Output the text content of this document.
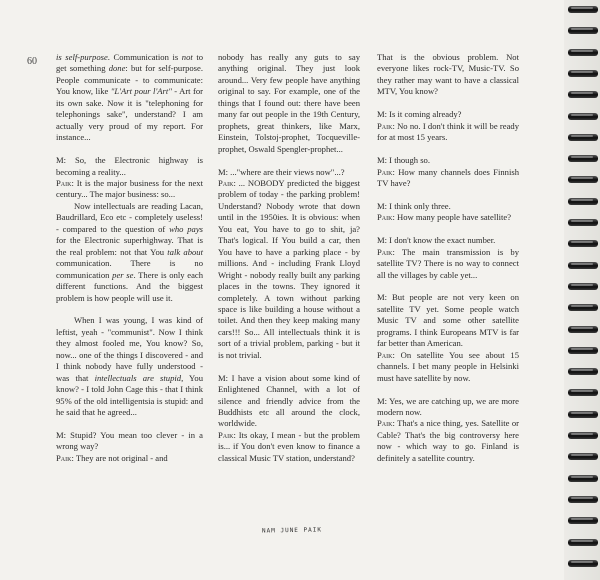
60 is self-purpose. Communication is not to get something done: but for self-purpose. People communicate - to communicate: You know, like "L'Art pour l'Art" - Art for its own sake. Now it is "telephoning for telephonings sake", understand? I am actually very proud of my report. For instance...

M: So, the Electronic highway is becoming a reality...

Paik: It is the major business for the next century... The major business: so...

Now intellectuals are reading Lacan, Baudrillard, Eco etc - completely useless! - compared to the question of who pays for the Electronic superhighway. That is the real problem: not that You talk about communication. There is no communication per se. There is only each different functions. And the biggest problem is how people will use it.

When I was young, I was kind of leftist, yeah - "communist". Now I think they almost fooled me, You know? So, now... one of the things I discovered - and I think nobody have fully understood - was that intellectuals are stupid, You know? - I told John Cage this - that I think 95% of the old intelligentsia is stupid: and he said that he agreed...

M: Stupid? You mean too clever - in a wrong way?

Paik: They are not original - and

nobody has really any guts to say anything original. They just look around... Very few people have anything original to say. For example, one of the things that I found out: there have been many far out people in the 19th Century, prophets, great thinkers, like Marx, Einstein, Tolstoj-prophet, Tocqueville-prophet, Oswald Spengler-prophet...

M: ..."where are their views now"...?

Paik: ... NOBODY predicted the biggest problem of today - the parking problem! Understand? Nobody wrote that down until in the 1950ies. It is obvious: when You eat, You have to go to shit, ja? That's logical. If You build a car, then You have to have a parking place - by millions. And - including Frank Lloyd Wright - nobody really built any parking places in the towns. They ignored it completely. A town without parking space is like building a house without a toilet. And then they keep making many cars!!! So... All intellectuals think it is sort of a trivial problem, parking - but it is not trivial.

M: I have a vision about some kind of Enlightened Channel, with a lot of silence and friendly advice from the Buddhists etc all around the clock, worldwide.

Paik: Its okay, I mean - but the problem is... if You don't even know to finance a classical Music TV station, understand?

That is the obvious problem. Not everyone likes rock-TV, Music-TV. So they rather may want to have a classical MTV, You know?

M: Is it coming already?

Paik: No no. I don't think it will be ready for at most 15 years.

M: I though so.

Paik: How many channels does Finnish TV have?

M: I think only three.

Paik: How many people have satellite?

M: I don't know the exact number.

Paik: The main transmission is by satellite TV? There is no way to connect all the villages by cable yet...

M: But people are not very keen on satellite TV yet. Some people watch Music TV and some other satellite programs. I think Europeans MTV is far far better than American.

Paik: On satellite You see about 15 channels. I bet many people in Helsinki must have satellite by now.

M: Yes, we are catching up, we are more modern now.

Paik: That's a nice thing, yes. Satellite or Cable? That's the big controversy here now - which way to go. Finland is definitely a satellite country.

NAM JUNE PAIK
